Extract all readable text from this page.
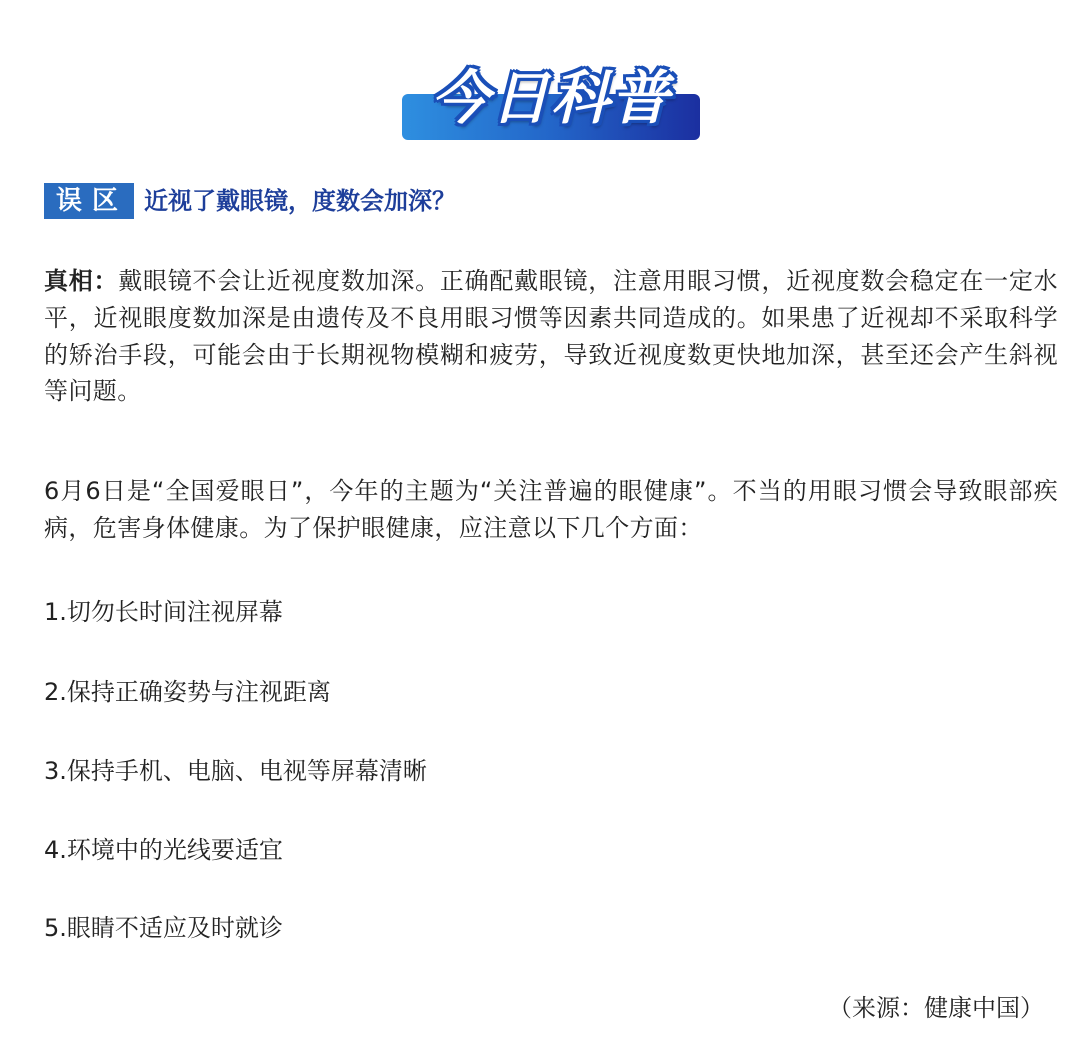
今日科普
误区 近视了戴眼镜，度数会加深？
真相：戴眼镜不会让近视度数加深。正确配戴眼镜，注意用眼习惯，近视度数会稳定在一定水平，近视眼度数加深是由遗传及不良用眼习惯等因素共同造成的。如果患了近视却不采取科学的矫治手段，可能会由于长期视物模糊和疲劳，导致近视度数更快地加深，甚至还会产生斜视等问题。
6月6日是“全国爱眼日”，今年的主题为“关注普遍的眼健康”。不当的用眼习惯会导致眼部疾病，危害身体健康。为了保护眼健康，应注意以下几个方面：
1.切勿长时间注视屏幕
2.保持正确姿势与注视距离
3.保持手机、电脑、电视等屏幕清晰
4.环境中的光线要适宜
5.眼睛不适应及时就诊
（来源：健康中国）
